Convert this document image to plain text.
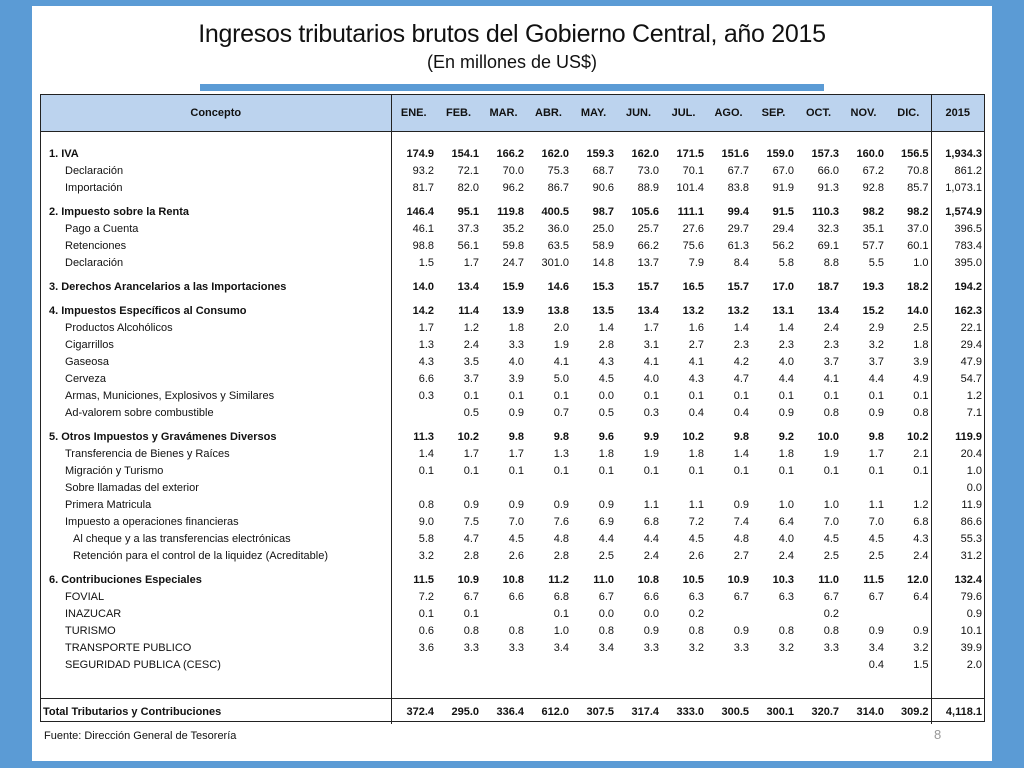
Ingresos tributarios brutos del Gobierno Central, año 2015
(En millones de US$)
Concepto	ENE.	FEB.	MAR.	ABR.	MAY.	JUN.	JUL.	AGO.	SEP.	OCT.	NOV.	DIC.	2015

1. IVA	174.9	154.1	166.2	162.0	159.3	162.0	171.5	151.6	159.0	157.3	160.0	156.5	1,934.3
Declaración	93.2	72.1	70.0	75.3	68.7	73.0	70.1	67.7	67.0	66.0	67.2	70.8	861.2
Importación	81.7	82.0	96.2	86.7	90.6	88.9	101.4	83.8	91.9	91.3	92.8	85.7	1,073.1

2. Impuesto sobre la Renta	146.4	95.1	119.8	400.5	98.7	105.6	111.1	99.4	91.5	110.3	98.2	98.2	1,574.9
Pago a Cuenta	46.1	37.3	35.2	36.0	25.0	25.7	27.6	29.7	29.4	32.3	35.1	37.0	396.5
Retenciones	98.8	56.1	59.8	63.5	58.9	66.2	75.6	61.3	56.2	69.1	57.7	60.1	783.4
Declaración	1.5	1.7	24.7	301.0	14.8	13.7	7.9	8.4	5.8	8.8	5.5	1.0	395.0

3. Derechos Arancelarios a las Importaciones	14.0	13.4	15.9	14.6	15.3	15.7	16.5	15.7	17.0	18.7	19.3	18.2	194.2

4. Impuestos Específicos al Consumo	14.2	11.4	13.9	13.8	13.5	13.4	13.2	13.2	13.1	13.4	15.2	14.0	162.3
Productos Alcohólicos	1.7	1.2	1.8	2.0	1.4	1.7	1.6	1.4	1.4	2.4	2.9	2.5	22.1
Cigarrillos	1.3	2.4	3.3	1.9	2.8	3.1	2.7	2.3	2.3	2.3	3.2	1.8	29.4
Gaseosa	4.3	3.5	4.0	4.1	4.3	4.1	4.1	4.2	4.0	3.7	3.7	3.9	47.9
Cerveza	6.6	3.7	3.9	5.0	4.5	4.0	4.3	4.7	4.4	4.1	4.4	4.9	54.7
Armas, Municiones, Explosivos y Similares	0.3	0.1	0.1	0.1	0.0	0.1	0.1	0.1	0.1	0.1	0.1	0.1	1.2
Ad-valorem sobre combustible		0.5	0.9	0.7	0.5	0.3	0.4	0.4	0.9	0.8	0.9	0.8	7.1

5. Otros Impuestos y Gravámenes Diversos	11.3	10.2	9.8	9.8	9.6	9.9	10.2	9.8	9.2	10.0	9.8	10.2	119.9
Transferencia de Bienes y Raíces	1.4	1.7	1.7	1.3	1.8	1.9	1.8	1.4	1.8	1.9	1.7	2.1	20.4
Migración y Turismo	0.1	0.1	0.1	0.1	0.1	0.1	0.1	0.1	0.1	0.1	0.1	0.1	1.0
Sobre llamadas del exterior													0.0
Primera Matricula	0.8	0.9	0.9	0.9	0.9	1.1	1.1	0.9	1.0	1.0	1.1	1.2	11.9
Impuesto a operaciones financieras	9.0	7.5	7.0	7.6	6.9	6.8	7.2	7.4	6.4	7.0	7.0	6.8	86.6
Al cheque y a las transferencias electrónicas	5.8	4.7	4.5	4.8	4.4	4.4	4.5	4.8	4.0	4.5	4.5	4.3	55.3
Retención para el control de la liquidez (Acreditable)	3.2	2.8	2.6	2.8	2.5	2.4	2.6	2.7	2.4	2.5	2.5	2.4	31.2

6. Contribuciones Especiales	11.5	10.9	10.8	11.2	11.0	10.8	10.5	10.9	10.3	11.0	11.5	12.0	132.4
FOVIAL	7.2	6.7	6.6	6.8	6.7	6.6	6.3	6.7	6.3	6.7	6.7	6.4	79.6
INAZUCAR	0.1	0.1		0.1	0.0	0.0	0.2			0.2			0.9
TURISMO	0.6	0.8	0.8	1.0	0.8	0.9	0.8	0.9	0.8	0.8	0.9	0.9	10.1
TRANSPORTE PUBLICO	3.6	3.3	3.3	3.4	3.4	3.3	3.2	3.3	3.2	3.3	3.4	3.2	39.9
SEGURIDAD PUBLICA (CESC)											0.4	1.5	2.0

Total Tributarios y Contribuciones	372.4	295.0	336.4	612.0	307.5	317.4	333.0	300.5	300.1	320.7	314.0	309.2	4,118.1
Fuente: Dirección General de Tesorería	8
